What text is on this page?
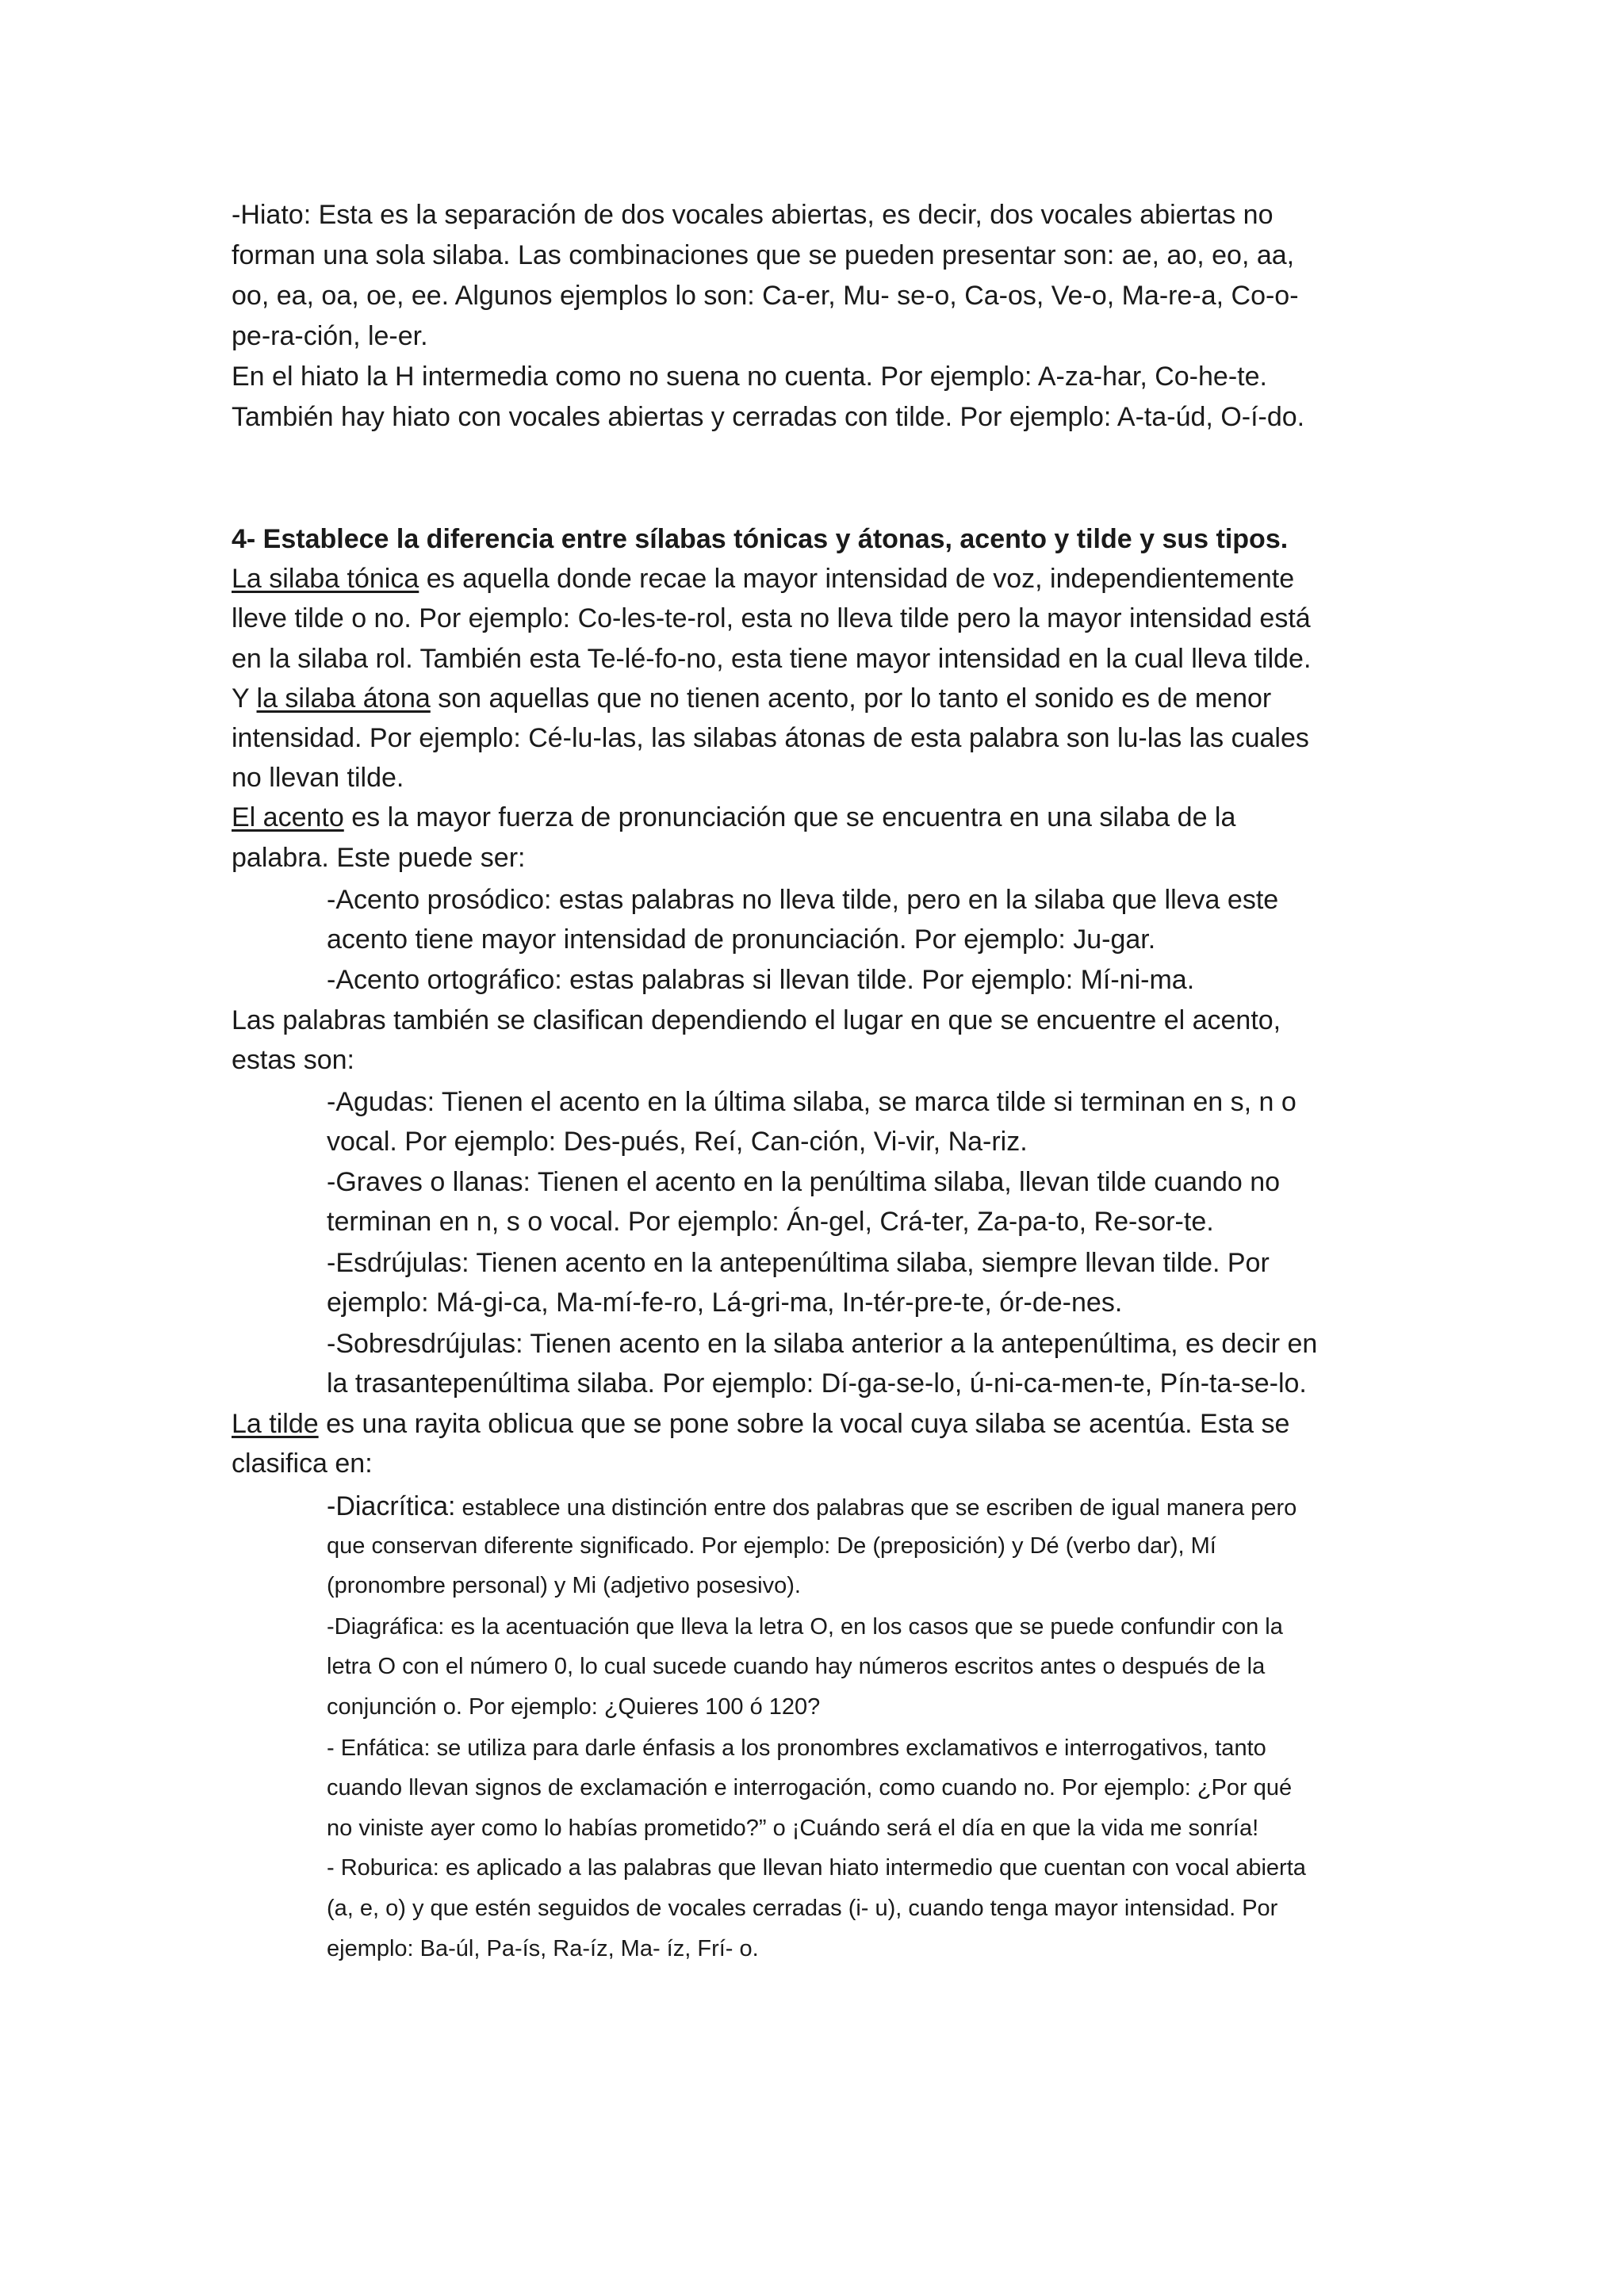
-Hiato: Esta es la separación de dos vocales abiertas, es decir, dos vocales abiertas no
forman una sola silaba. Las combinaciones que se pueden presentar son: ae, ao, eo, aa,
oo, ea, oa, oe, ee. Algunos ejemplos lo son: Ca-er, Mu- se-o, Ca-os, Ve-o, Ma-re-a, Co-o-
pe-ra-ción, le-er.
En el hiato la H intermedia como no suena no cuenta. Por ejemplo: A-za-har, Co-he-te.
También hay hiato con vocales abiertas y cerradas con tilde. Por ejemplo: A-ta-úd, O-í-do.
4- Establece la diferencia entre sílabas tónicas y átonas, acento y tilde y sus tipos.
La silaba tónica es aquella donde recae la mayor intensidad de voz, independientemente
lleve tilde o no. Por ejemplo: Co-les-te-rol, esta no lleva tilde pero la mayor intensidad está
en la silaba rol. También esta Te-lé-fo-no, esta tiene mayor intensidad en la cual lleva tilde.
Y la silaba átona son aquellas que no tienen acento, por lo tanto el sonido es de menor
intensidad. Por ejemplo: Cé-lu-las, las silabas átonas de esta palabra son lu-las las cuales
no llevan tilde.
El acento es la mayor fuerza de pronunciación que se encuentra en una silaba de la
palabra. Este puede ser:
-Acento prosódico: estas palabras no lleva tilde, pero en la silaba que lleva este
acento tiene mayor intensidad de pronunciación. Por ejemplo: Ju-gar.
-Acento ortográfico: estas palabras si llevan tilde. Por ejemplo: Mí-ni-ma.
Las palabras también se clasifican dependiendo el lugar en que se encuentre el acento,
estas son:
-Agudas: Tienen el acento en la última silaba, se marca tilde si terminan en s, n o
vocal. Por ejemplo: Des-pués, Reí, Can-ción, Vi-vir, Na-riz.
-Graves o llanas: Tienen el acento en la penúltima silaba, llevan tilde cuando no
terminan en n, s o vocal. Por ejemplo: Án-gel, Crá-ter, Za-pa-to, Re-sor-te.
-Esdrújulas: Tienen acento en la antepenúltima silaba, siempre llevan tilde. Por
ejemplo: Má-gi-ca, Ma-mí-fe-ro, Lá-gri-ma, In-tér-pre-te, ór-de-nes.
-Sobresdrújulas: Tienen acento en la silaba anterior a la antepenúltima, es decir en
la trasantepenúltima silaba. Por ejemplo: Dí-ga-se-lo, ú-ni-ca-men-te, Pín-ta-se-lo.
La tilde es una rayita oblicua que se pone sobre la vocal cuya silaba se acentúa. Esta se
clasifica en:
-Diacrítica: establece una distinción entre dos palabras que se escriben de igual manera pero
que conservan diferente significado. Por ejemplo: De (preposición) y Dé (verbo dar), Mí
(pronombre personal) y Mi (adjetivo posesivo).
-Diagráfica: es la acentuación que lleva la letra O, en los casos que se puede confundir con la
letra O con el número 0, lo cual sucede cuando hay números escritos antes o después de la
conjunción o. Por ejemplo: ¿Quieres 100 ó 120?
- Enfática: se utiliza para darle énfasis a los pronombres exclamativos e interrogativos, tanto
cuando llevan signos de exclamación e interrogación, como cuando no. Por ejemplo: ¿Por qué
no viniste ayer como lo habías prometido?” o ¡Cuándo será el día en que la vida me sonría!
- Roburica: es aplicado a las palabras que llevan hiato intermedio que cuentan con vocal abierta
(a, e, o) y que estén seguidos de vocales cerradas (i- u), cuando tenga mayor intensidad. Por
ejemplo: Ba-úl, Pa-ís, Ra-íz, Ma- íz, Frí- o.
